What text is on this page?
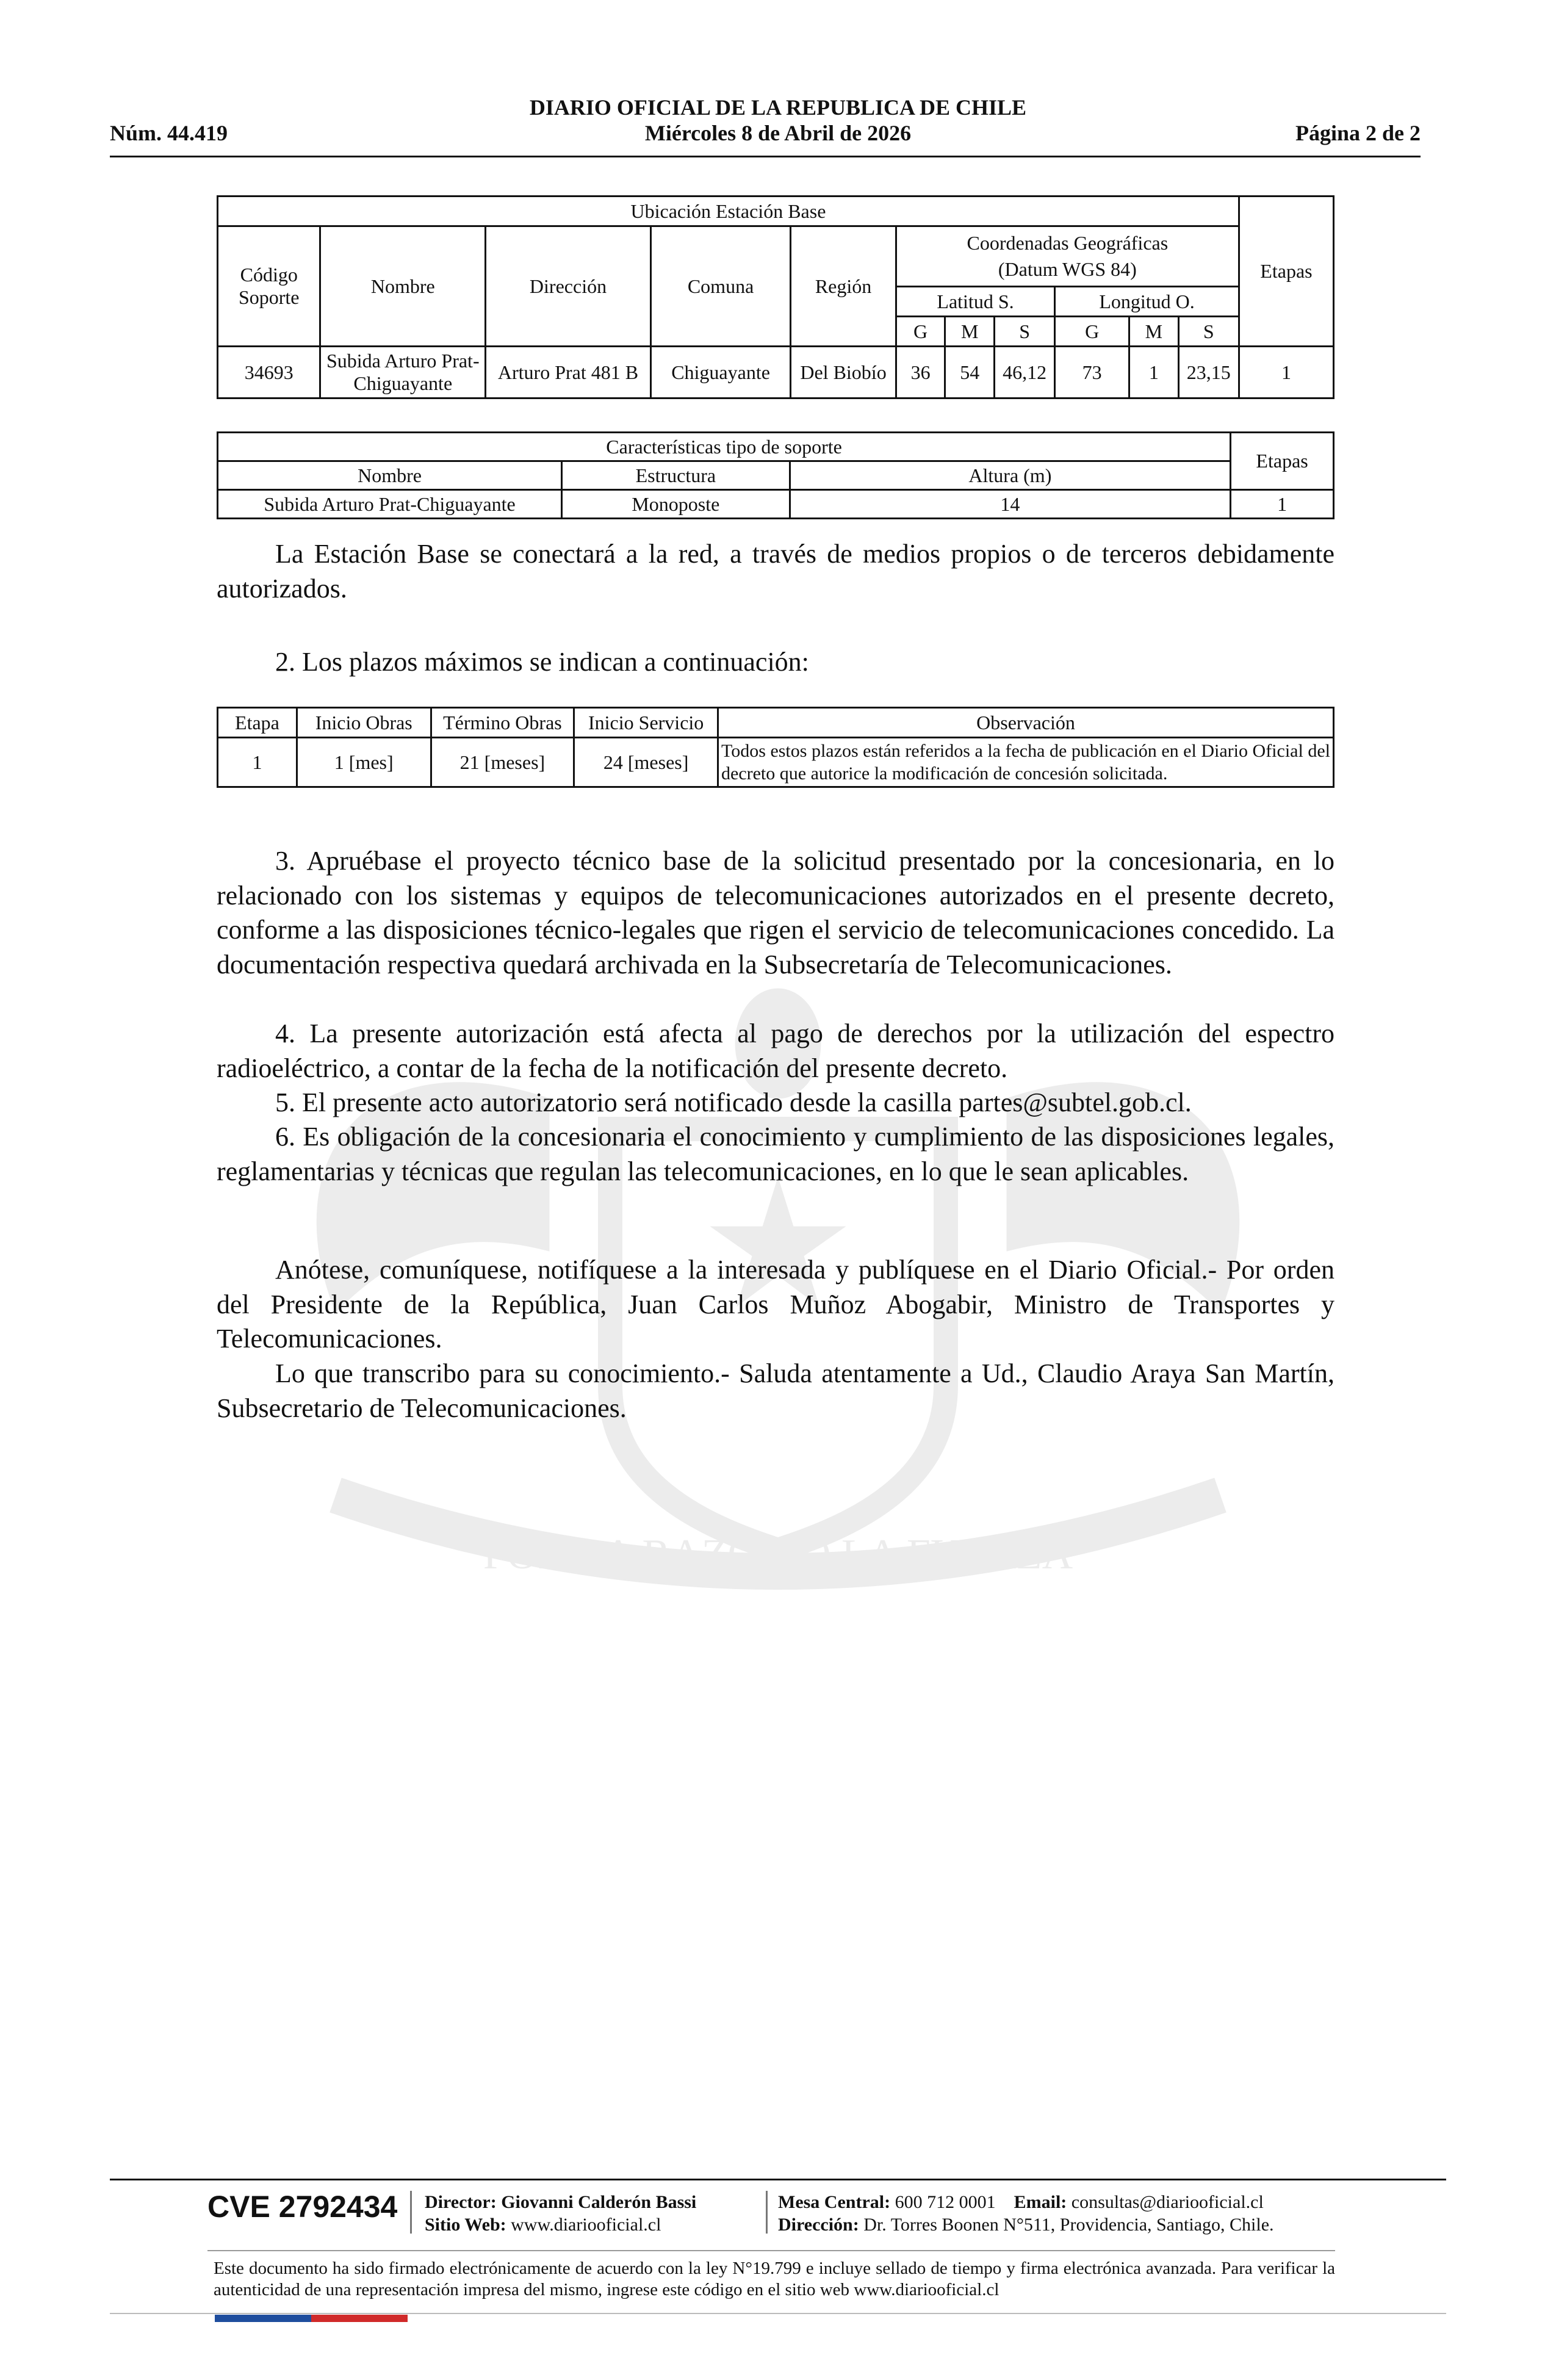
POR LA RAZON O LA FUERZA
DIARIO OFICIAL DE LA REPUBLICA DE CHILE
Núm. 44.419	Miércoles 8 de Abril de 2026	Página 2 de 2
Ubicación Estación Base											Etapas
Código Soporte	Nombre	Dirección	Comuna	Región	Coordenadas Geográficas
(Datum WGS 84)						

					Latitud S.			Longitud O.			
					G	M	S	G	M	S	
34693	Subida Arturo Prat-Chiguayante	Arturo Prat 481 B	Chiguayante	Del Biobío	36	54	46,12	73	1	23,15	1
Características tipo de soporte			Etapas
Nombre	Estructura	Altura (m)	
Subida Arturo Prat-Chiguayante	Monoposte	14	1

La Estación Base se conectará a la red, a través de medios propios o de terceros debidamente autorizados.

2. Los plazos máximos se indican a continuación:

Etapa	Inicio Obras	Término Obras	Inicio Servicio	Observación
1	1 [mes]	21 [meses]	24 [meses]	Todos estos plazos están referidos a la fecha de publicación en el Diario Oficial del decreto que autorice la modificación de concesión solicitada.

3. Apruébase el proyecto técnico base de la solicitud presentado por la concesionaria, en lo relacionado con los sistemas y equipos de telecomunicaciones autorizados en el presente decreto, conforme a las disposiciones técnico-legales que rigen el servicio de telecomunicaciones concedido. La documentación respectiva quedará archivada en la Subsecretaría de Telecomunicaciones.

4. La presente autorización está afecta al pago de derechos por la utilización del espectro radioeléctrico, a contar de la fecha de la notificación del presente decreto.

5. El presente acto autorizatorio será notificado desde la casilla partes@subtel.gob.cl.

6. Es obligación de la concesionaria el conocimiento y cumplimiento de las disposiciones legales, reglamentarias y técnicas que regulan las telecomunicaciones, en lo que le sean aplicables.

Anótese, comuníquese, notifíquese a la interesada y publíquese en el Diario Oficial.- Por orden del Presidente de la República, Juan Carlos Muñoz Abogabir, Ministro de Transportes y Telecomunicaciones.

Lo que transcribo para su conocimiento.- Saluda atentamente a Ud., Claudio Araya San Martín, Subsecretario de Telecomunicaciones.

CVE 2792434 Director: Giovanni Calderón Bassi
Sitio Web: www.diariooficial.cl
Mesa Central: 600 712 0001 Email: consultas@diariooficial.cl
Dirección: Dr. Torres Boonen N°511, Providencia, Santiago, Chile.
Este documento ha sido firmado electrónicamente de acuerdo con la ley N°19.799 e incluye sellado de tiempo y firma electrónica avanzada. Para verificar la autenticidad de una representación impresa del mismo, ingrese este código en el sitio web www.diariooficial.cl
